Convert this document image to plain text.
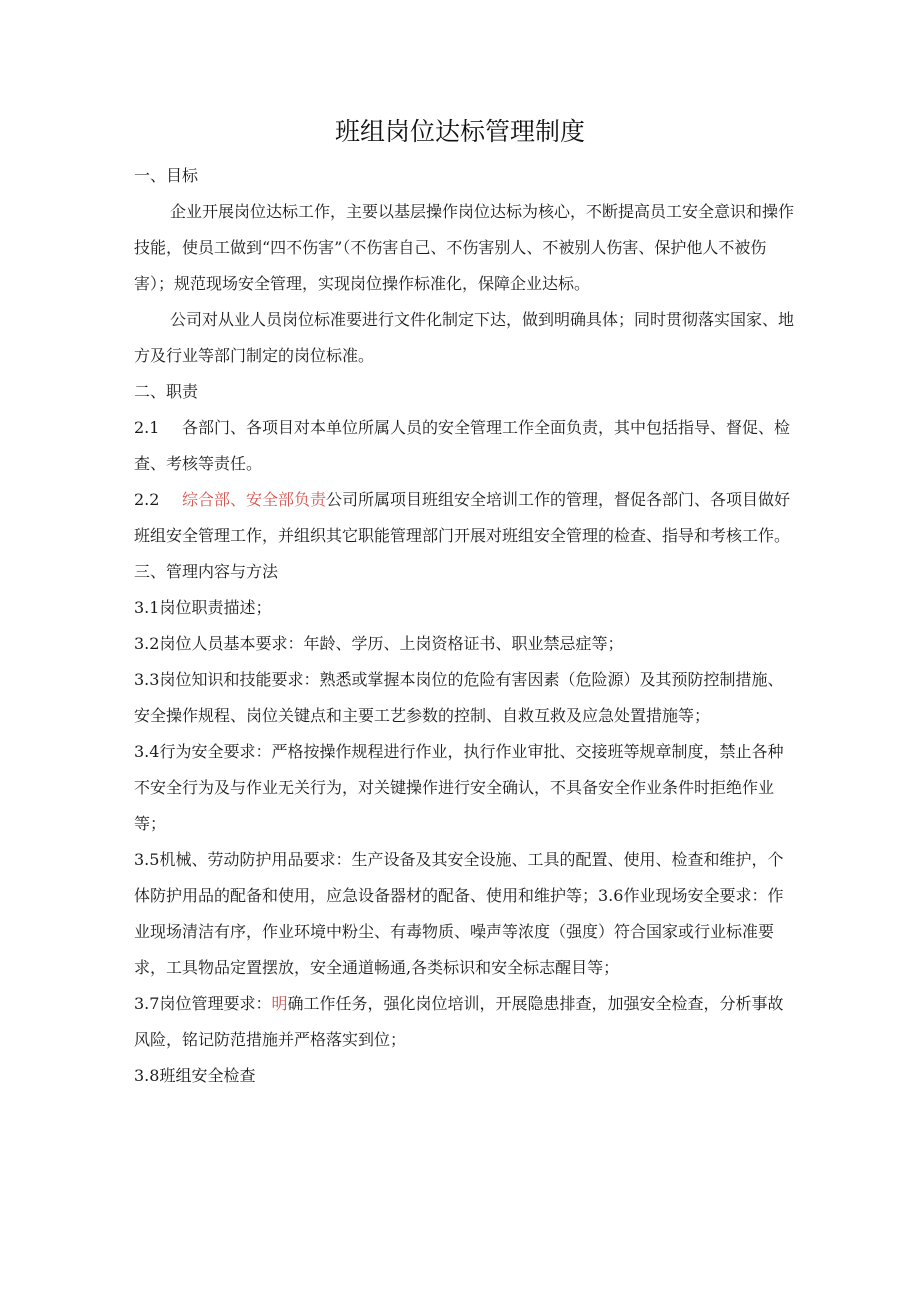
班组岗位达标管理制度

一、目标

企业开展岗位达标工作，主要以基层操作岗位达标为核心，不断提高员工安全意识和操作技能，使员工做到“四不伤害”（不伤害自己、不伤害别人、不被别人伤害、保护他人不被伤害）；规范现场安全管理，实现岗位操作标准化，保障企业达标。

公司对从业人员岗位标准要进行文件化制定下达，做到明确具体；同时贯彻落实国家、地方及行业等部门制定的岗位标准。

二、职责

2.1 各部门、各项目对本单位所属人员的安全管理工作全面负责，其中包括指导、督促、检查、考核等责任。

2.2 综合部、安全部负责公司所属项目班组安全培训工作的管理，督促各部门、各项目做好班组安全管理工作，并组织其它职能管理部门开展对班组安全管理的检查、指导和考核工作。

三、管理内容与方法

3.1岗位职责描述；

3.2岗位人员基本要求：年龄、学历、上岗资格证书、职业禁忌症等；

3.3岗位知识和技能要求：熟悉或掌握本岗位的危险有害因素（危险源）及其预防控制措施、安全操作规程、岗位关键点和主要工艺参数的控制、自救互救及应急处置措施等；

3.4行为安全要求：严格按操作规程进行作业，执行作业审批、交接班等规章制度，禁止各种不安全行为及与作业无关行为，对关键操作进行安全确认，不具备安全作业条件时拒绝作业等；

3.5机械、劳动防护用品要求：生产设备及其安全设施、工具的配置、使用、检查和维护，个体防护用品的配备和使用，应急设备器材的配备、使用和维护等；3.6作业现场安全要求：作业现场清洁有序，作业环境中粉尘、有毒物质、噪声等浓度（强度）符合国家或行业标准要求，工具物品定置摆放，安全通道畅通,各类标识和安全标志醒目等；

3.7岗位管理要求：明确工作任务，强化岗位培训，开展隐患排查，加强安全检查，分析事故风险，铭记防范措施并严格落实到位；

3.8班组安全检查
